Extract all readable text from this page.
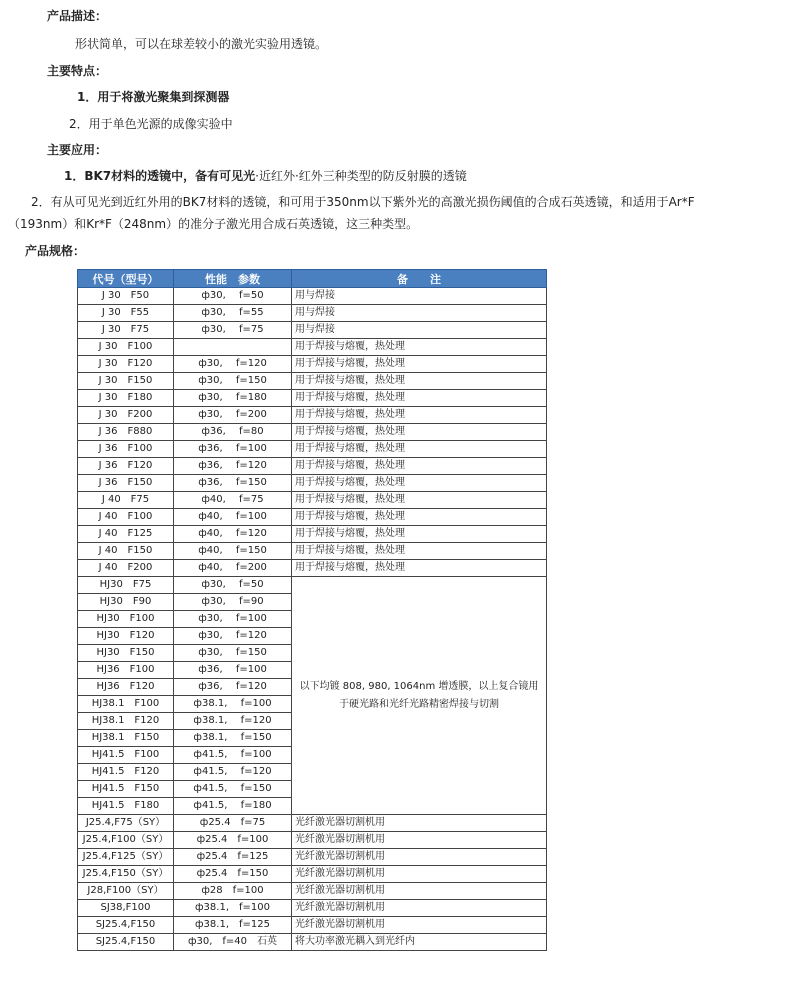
产品描述：
形状简单，可以在球差较小的激光实验用透镜。
主要特点：
1．用于将激光聚集到探测器
2．用于单色光源的成像实验中
主要应用：
1．BK7材料的透镜中，备有可见光·近红外·红外三种类型的防反射膜的透镜
2．有从可见光到近红外用的BK7材料的透镜，和可用于350nm以下紫外光的高激光损伤阈值的合成石英透镜，和适用于Ar*F
（193nm）和Kr*F（248nm）的准分子激光用合成石英透镜，这三种类型。
产品规格：
代号（型号）	性能　参数	备　　注
J 30　F50	ф30,　 f=50	用与焊接
J 30　F55	ф30,　 f=55	用与焊接
J 30　F75	ф30,　 f=75	用与焊接
J 30　F100		用于焊接与熔覆，热处理
J 30　F120	ф30,　 f=120	用于焊接与熔覆，热处理
J 30　F150	ф30,　 f=150	用于焊接与熔覆，热处理
J 30　F180	ф30,　 f=180	用于焊接与熔覆，热处理
J 30　F200	ф30,　 f=200	用于焊接与熔覆，热处理
J 36　F880	ф36,　 f=80	用于焊接与熔覆，热处理
J 36　F100	ф36,　 f=100	用于焊接与熔覆，热处理
J 36　F120	ф36,　 f=120	用于焊接与熔覆，热处理
J 36　F150	ф36,　 f=150	用于焊接与熔覆，热处理
J 40　F75	ф40,　 f=75	用于焊接与熔覆，热处理
J 40　F100	ф40,　 f=100	用于焊接与熔覆，热处理
J 40　F125	ф40,　 f=120	用于焊接与熔覆，热处理
J 40　F150	ф40,　 f=150	用于焊接与熔覆，热处理
J 40　F200	ф40,　 f=200	用于焊接与熔覆，热处理
HJ30　F75	ф30,　 f=50	以下均镀 808, 980, 1064nm 增透膜，以上复合镜用于硬光路和光纤光路精密焊接与切割
HJ30　F90	ф30,　 f=90	
HJ30　F100	ф30,　 f=100	
HJ30　F120	ф30,　 f=120	
HJ30　F150	ф30,　 f=150	
HJ36　F100	ф36,　 f=100	
HJ36　F120	ф36,　 f=120	
HJ38.1　F100	ф38.1,　 f=100	
HJ38.1　F120	ф38.1,　 f=120	
HJ38.1　F150	ф38.1,　 f=150	
HJ41.5　F100	ф41.5,　 f=100	
HJ41.5　F120	ф41.5,　 f=120	
HJ41.5　F150	ф41.5,　 f=150	
HJ41.5　F180	ф41.5,　 f=180	
J25.4,F75（SY）	ф25.4　f=75	光纤激光器切割机用
J25.4,F100（SY）	ф25.4　f=100	光纤激光器切割机用
J25.4,F125（SY）	ф25.4　f=125	光纤激光器切割机用
J25.4,F150（SY）	ф25.4　f=150	光纤激光器切割机用
J28,F100（SY）	ф28　f=100	光纤激光器切割机用
SJ38,F100	ф38.1,　f=100	光纤激光器切割机用
SJ25.4,F150	ф38.1,　f=125	光纤激光器切割机用
SJ25.4,F150	ф30,　f=40　石英	将大功率激光耦入到光纤内
